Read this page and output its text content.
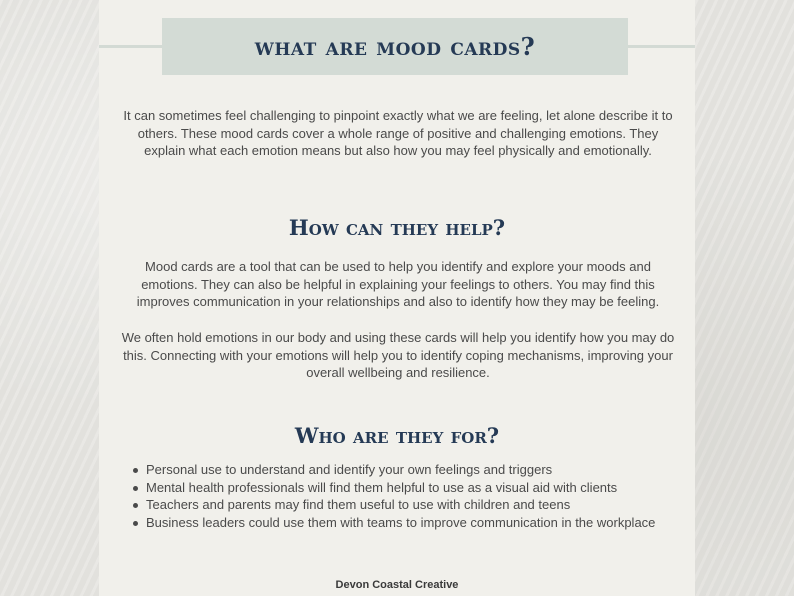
what are mood cards?

It can sometimes feel challenging to pinpoint exactly what we are feeling, let alone describe it to others. These mood cards cover a whole range of positive and challenging emotions. They explain what each emotion means but also how you may feel physically and emotionally.

How can they help?

Mood cards are a tool that can be used to help you identify and explore your moods and emotions. They can also be helpful in explaining your feelings to others. You may find this improves communication in your relationships and also to identify how they may be feeling.

We often hold emotions in our body and using these cards will help you identify how you may do this. Connecting with your emotions will help you to identify coping mechanisms, improving your overall wellbeing and resilience.

Who are they for?
Personal use to understand and identify your own feelings and triggers
Mental health professionals will find them helpful to use as a visual aid with clients
Teachers and parents may find them useful to use with children and teens
Business leaders could use them with teams to improve communication in the workplace
Devon Coastal Creative
